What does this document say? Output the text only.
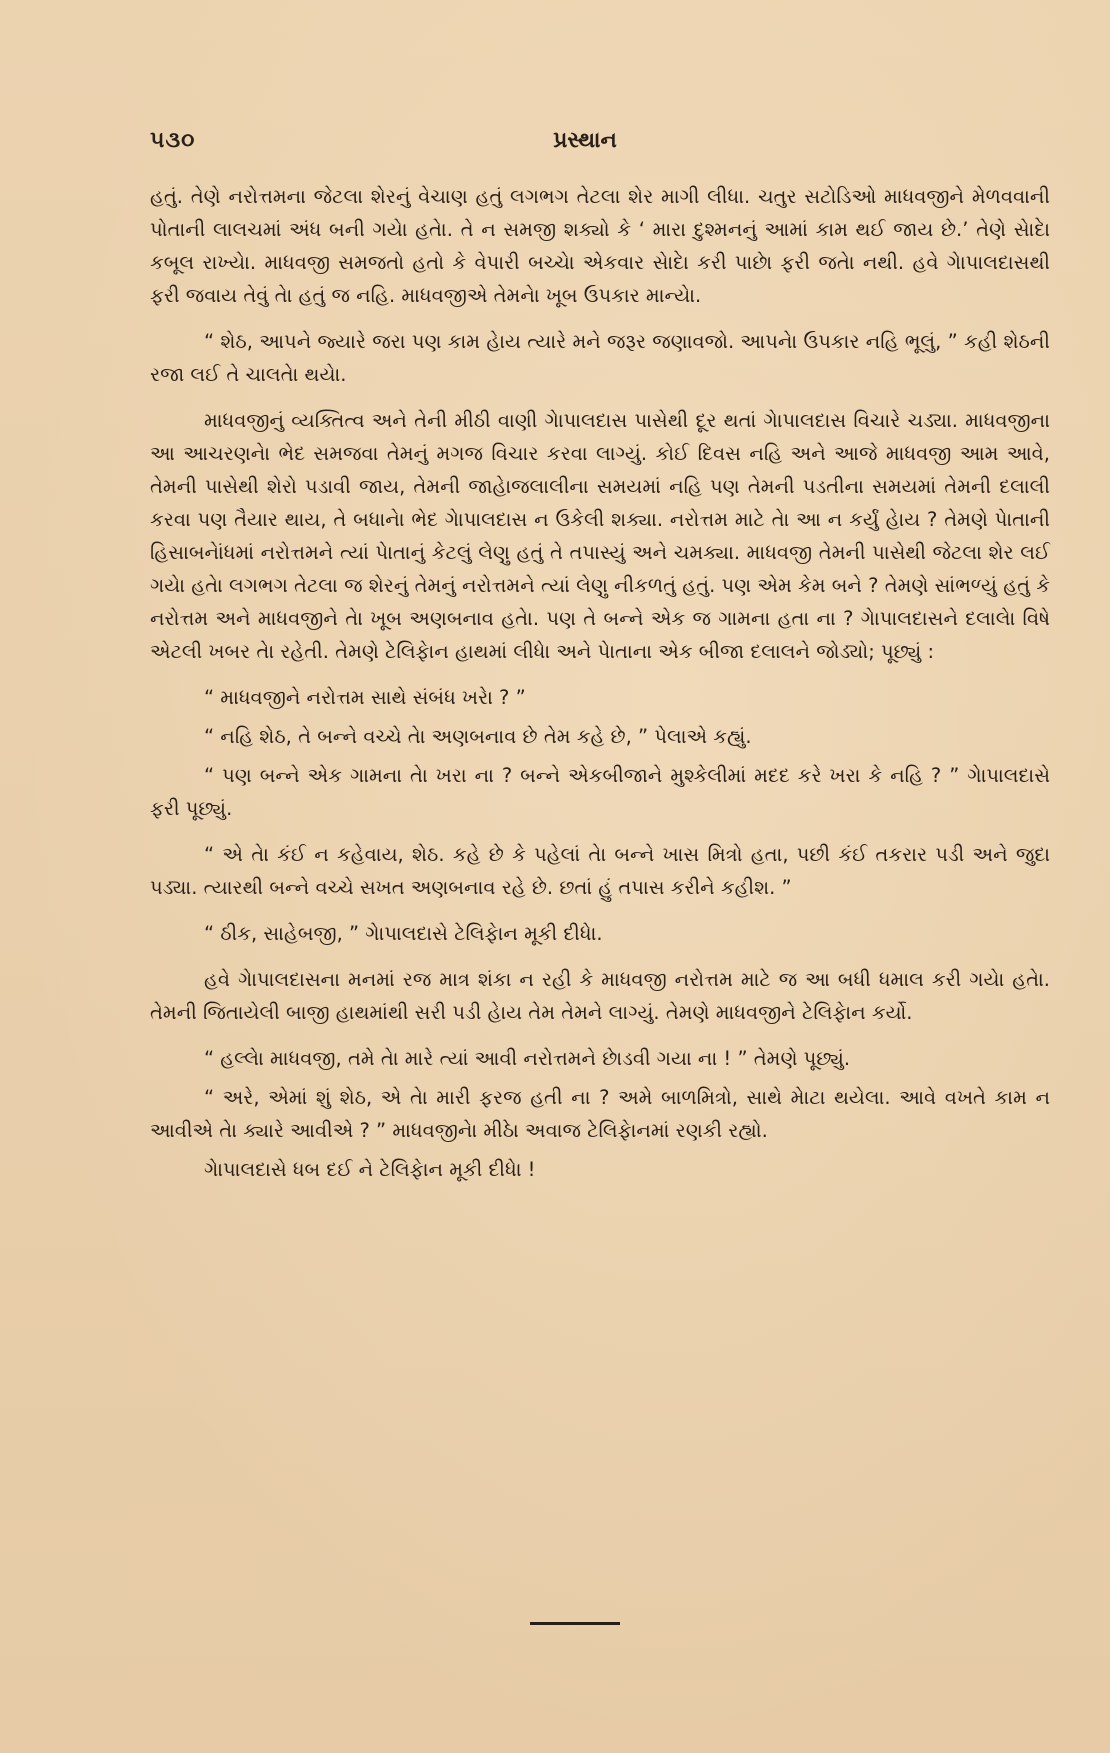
૫૩૦	પ્રસ્થાન

હતું. તેણે નરોત્તમના જેટલા શેરનું વેચાણ હતું લગભગ તેટલા શેર માગી લીધા. ચતુર સટોડિઓ માધવજીને મેળવવાની પોતાની લાલચમાં અંધ બની ગયેા હતેા. તે ન સમજી શક્યો કે ‘ મારા દુશ્મનનું આમાં કામ થઈ જાય છે.’ તેણે સેાદેા કબૂલ રાખ્યેા. માધવજી સમજતો હતો કે વેપારી બચ્ચેા એકવાર સેાદેા કરી પાછેા ફરી જતેા નથી. હવે ગેાપાલદાસથી ફરી જવાય તેવું તેા હતું જ નહિ. માધવજીએ તેમનેા ખૂબ ઉપકાર માન્યેા.

“ શેઠ, આપને જ્યારે જરા પણ કામ હેાય ત્યારે મને જરૂર જણાવજો. આપનેા ઉપકાર નહિ ભૂલું, ” કહી શેઠની રજા લઈ તે ચાલતેા થયેા.

માધવજીનું વ્યક્તિત્વ અને તેની મીઠી વાણી ગેાપાલદાસ પાસેથી દૂર થતાં ગેાપાલદાસ વિચારે ચડ્યા. માધવજીના આ આચરણનેા ભેદ સમજવા તેમનું મગજ વિચાર કરવા લાગ્યું. કોઈ દિવસ નહિ અને આજે માધવજી આમ આવે, તેમની પાસેથી શેરો પડાવી જાય, તેમની જાહેાજલાલીના સમયમાં નહિ પણ તેમની પડતીના સમયમાં તેમની દલાલી કરવા પણ તૈયાર થાય, તે બધાનેા ભેદ ગેાપાલદાસ ન ઉકેલી શક્યા. નરોત્તમ માટે તેા આ ન કર્યું હેાય ? તેમણે પેાતાની હિસાબનેાંધમાં નરોત્તમને ત્યાં પેાતાનું કેટલું લેણુ હતું તે તપાસ્યું અને ચમક્યા. માધવજી તેમની પાસેથી જેટલા શેર લઈ ગયેા હતેા લગભગ તેટલા જ શેરનું તેમનું નરોત્તમને ત્યાં લેણુ નીકળતું હતું. પણ એમ કેમ બને ? તેમણે સાંભળ્યું હતું કે નરોત્તમ અને માધવજીને તેા ખૂબ અણબનાવ હતેા. પણ તે બન્ને એક જ ગામના હતા ના ? ગેાપાલદાસને દલાલેા વિષે એટલી ખબર તેા રહેતી. તેમણે ટેલિફેાન હાથમાં લીધેા અને પેાતાના એક બીજા દલાલને જોડ્યો; પૂછ્યું :

“ માધવજીને નરોત્તમ સાથે સંબંધ ખરેા ? ”

“ નહિ શેઠ, તે બન્ને વચ્ચે તેા અણબનાવ છે તેમ કહે છે, ” પેલાએ કહ્યું.

“ પણ બન્ને એક ગામના તેા ખરા ના ? બન્ને એકબીજાને મુશ્કેલીમાં મદદ કરે ખરા કે નહિ ? ” ગેાપાલદાસે ફરી પૂછ્યું.

“ એ તેા કંઈ ન કહેવાય, શેઠ. કહે છે કે પહેલાં તેા બન્ને ખાસ મિત્રો હતા, પછી કંઈ તકરાર પડી અને જુદા પડ્યા. ત્યારથી બન્ને વચ્ચે સખત અણબનાવ રહે છે. છતાં હું તપાસ કરીને કહીશ. ”

“ ઠીક, સાહેબજી, ” ગેાપાલદાસે ટેલિફેાન મૂકી દીધેા.

હવે ગેાપાલદાસના મનમાં રજ માત્ર શંકા ન રહી કે માધવજી નરોત્તમ માટે જ આ બધી ધમાલ કરી ગયેા હતેા. તેમની જિતાયેલી બાજી હાથમાંથી સરી પડી હેાય તેમ તેમને લાગ્યું. તેમણે માધવજીને ટેલિફેાન કર્યો.

“ હલ્લેા માધવજી, તમે તેા મારે ત્યાં આવી નરોત્તમને છેાડવી ગયા ના ! ” તેમણે પૂછ્યું.

“ અરે, એમાં શું શેઠ, એ તેા મારી ફરજ હતી ના ? અમે બાળમિત્રો, સાથે મેાટા થયેલા. આવે વખતે કામ ન આવીએ તેા ક્યારે આવીએ ? ” માધવજીનેા મીઠેા અવાજ ટેલિફેાનમાં રણકી રહ્યો.

ગેાપાલદાસે ધબ દઈ ને ટેલિફેાન મૂકી દીધેા !
